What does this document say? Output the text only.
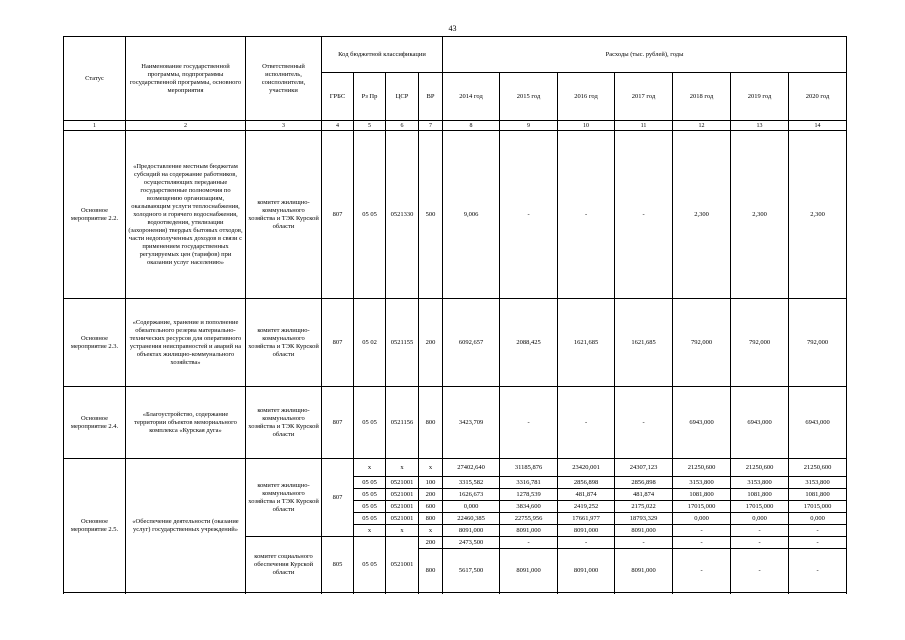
43
Статус	Наименование государственной программы, подпрограммы государственной программы, основного мероприятия	Ответственный исполнитель, соисполнители, участники	Код бюджетной классификации				Расходы (тыс. рублей), годы						
			ГРБС	Рз Пр	ЦСР	ВР	2014 год	2015 год	2016 год	2017 год	2018 год	2019 год	2020 год
1	2	3	4	5	6	7	8	9	10	11	12	13	14
Основное мероприятие 2.2.	«Предоставление местным бюджетам субсидий на содержание работников, осуществляющих переданные государственные полномочия по возмещению организациям, оказывающим услуги теплоснабжения, холодного и горячего водоснабжения, водоотведения, утилизации (захоронения) твердых бытовых отходов, части недополученных доходов в связи с применением государственных регулируемых цен (тарифов) при оказании услуг населению»	комитет жилищно-коммунального хозяйства и ТЭК Курской области	807	05 05	0521330	500	9,006	-	-	-	2,300	2,300	2,300
Основное мероприятие 2.3.	«Содержание, хранение и пополнение обязательного резерва материально-технических ресурсов для оперативного устранения неисправностей и аварий на объектах жилищно-коммунального хозяйства»	комитет жилищно-коммунального хозяйства и ТЭК Курской области	807	05 02	0521155	200	6092,657	2088,425	1621,685	1621,685	792,000	792,000	792,000
Основное мероприятие 2.4.	«Благоустройство, содержание территории объектов мемориального комплекса «Курская дуга»	комитет жилищно-коммунального хозяйства и ТЭК Курской области	807	05 05	0521156	800	3423,709	-	-	-	6943,000	6943,000	6943,000
Основное мероприятие 2.5.	«Обеспечение деятельности (оказание услуг) государственных учреждений»	комитет жилищно-коммунального хозяйства и ТЭК Курской области	807	х	х	х	27402,640	31185,876	23420,001	24307,123	21250,600	21250,600	21250,600
				05 05	0521001	100	3315,582	3316,781	2856,898	2856,898	3153,800	3153,800	3153,800
				05 05	0521001	200	1626,673	1278,539	481,874	481,874	1081,800	1081,800	1081,800
				05 05	0521001	600	0,000	3834,600	2419,252	2175,022	17015,000	17015,000	17015,000
				05 05	0521001	800	22460,385	22755,956	17661,977	18793,329	0,000	0,000	0,000
				х	х	х	8091,000	8091,000	8091,000	8091,000	-	-	-
		комитет социального обеспечения Курской области	805	05 05	0521001	200	2473,500	-	-	-	-	-	-
						800	5617,500	8091,000	8091,000	8091,000	-	-	-
